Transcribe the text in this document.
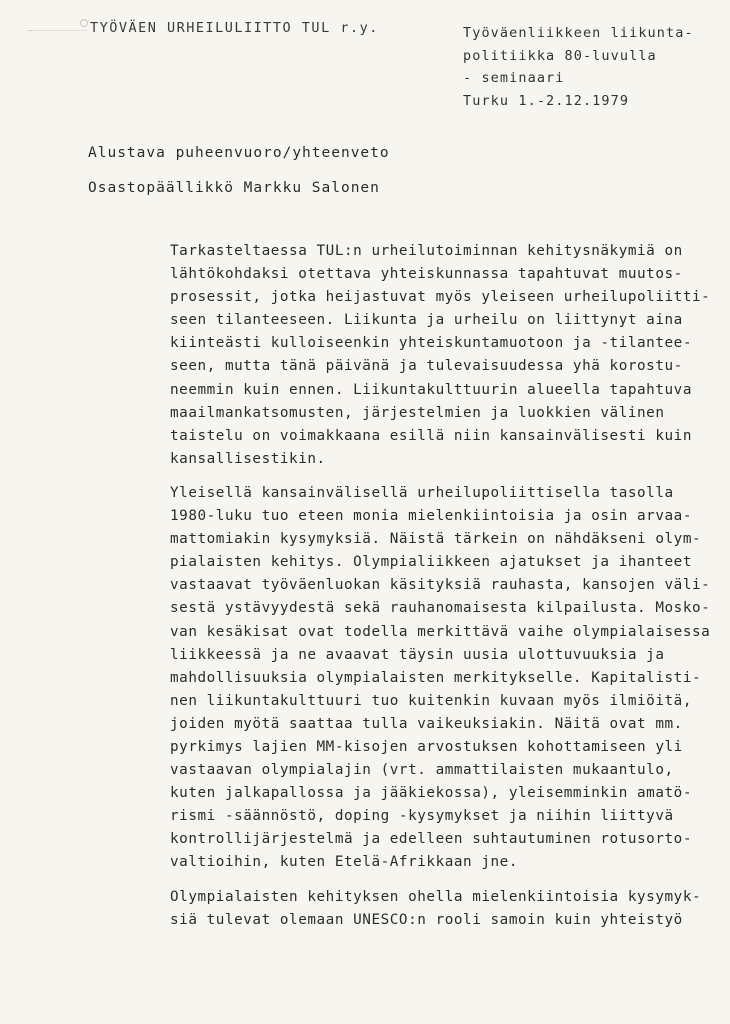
TYÖVÄEN URHEILULIITTO TUL r.y.	Työväenliikkeen liikunta-
politiikka 80-luvulla
- seminaari
Turku 1.-2.12.1979
Alustava puheenvuoro/yhteenveto
Osastopäällikkö Markku Salonen

Tarkasteltaessa TUL:n urheilutoiminnan kehitysnäkymiä on
lähtökohdaksi otettava yhteiskunnassa tapahtuvat muutos-
prosessit, jotka heijastuvat myös yleiseen urheilupoliitti-
seen tilanteeseen. Liikunta ja urheilu on liittynyt aina
kiinteästi kulloiseenkin yhteiskuntamuotoon ja -tilantee-
seen, mutta tänä päivänä ja tulevaisuudessa yhä korostu-
neemmin kuin ennen. Liikuntakulttuurin alueella tapahtuva
maailmankatsomusten, järjestelmien ja luokkien välinen
taistelu on voimakkaana esillä niin kansainvälisesti kuin
kansallisestikin.

Yleisellä kansainvälisellä urheilupoliittisella tasolla
1980-luku tuo eteen monia mielenkiintoisia ja osin arvaa-
mattomiakin kysymyksiä. Näistä tärkein on nähdäkseni olym-
pialaisten kehitys. Olympialiikkeen ajatukset ja ihanteet
vastaavat työväenluokan käsityksiä rauhasta, kansojen väli-
sestä ystävyydestä sekä rauhanomaisesta kilpailusta. Mosko-
van kesäkisat ovat todella merkittävä vaihe olympialaisessa
liikkeessä ja ne avaavat täysin uusia ulottuvuuksia ja
mahdollisuuksia olympialaisten merkitykselle. Kapitalisti-
nen liikuntakulttuuri tuo kuitenkin kuvaan myös ilmiöitä,
joiden myötä saattaa tulla vaikeuksiakin. Näitä ovat mm.
pyrkimys lajien MM-kisojen arvostuksen kohottamiseen yli
vastaavan olympialajin (vrt. ammattilaisten mukaantulo,
kuten jalkapallossa ja jääkiekossa), yleisemminkin amatö-
rismi -säännöstö, doping -kysymykset ja niihin liittyvä
kontrollijärjestelmä ja edelleen suhtautuminen rotusorto-
valtioihin, kuten Etelä-Afrikkaan jne.

Olympialaisten kehityksen ohella mielenkiintoisia kysymyk-
siä tulevat olemaan UNESCO:n rooli samoin kuin yhteistyö
